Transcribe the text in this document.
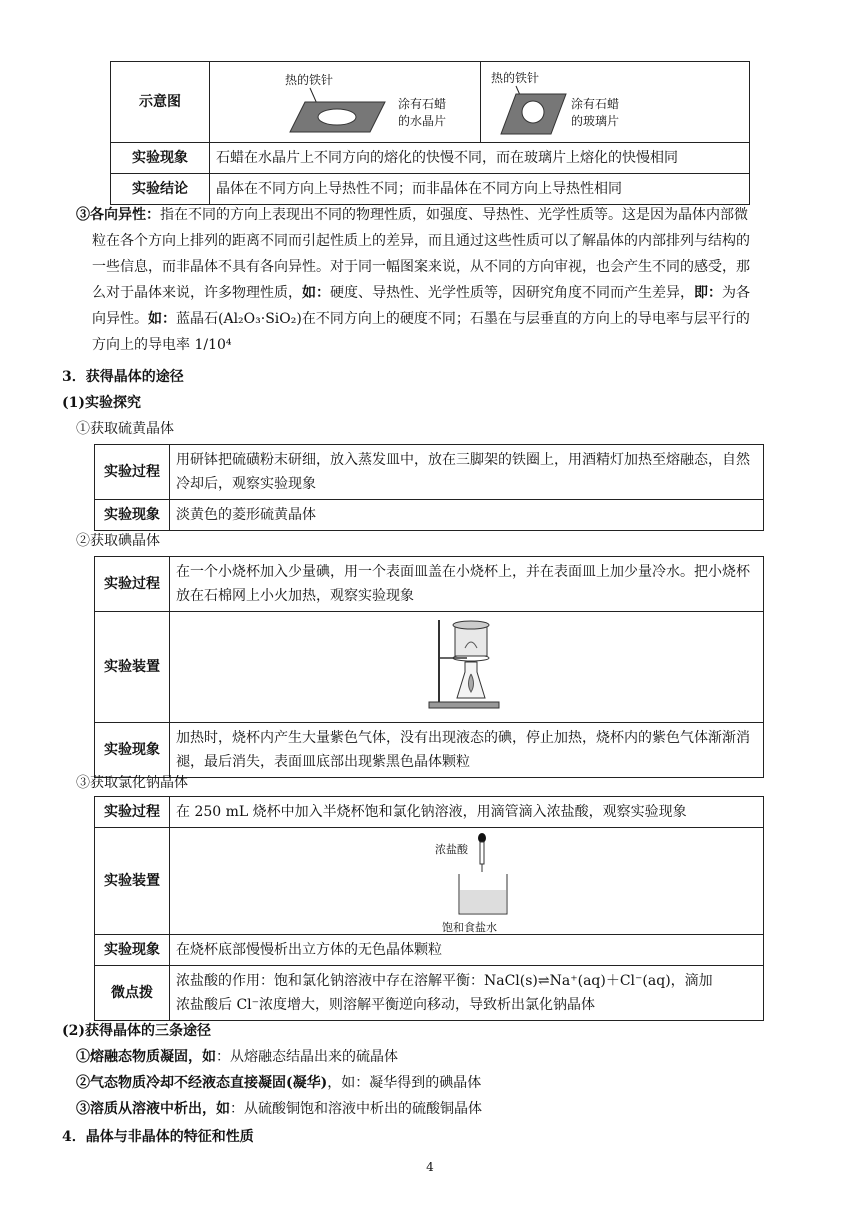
示意图	热的铁针
涂有石蜡
的水晶片	热的铁针
涂有石蜡
的玻璃片

实验现象	石蜡在水晶片上不同方向的熔化的快慢不同，而在玻璃片上熔化的快慢相同	
实验结论	晶体在不同方向上导热性不同；而非晶体在不同方向上导热性相同	
③各向异性：指在不同的方向上表现出不同的物理性质，如强度、导热性、光学性质等。这是因为晶体内部微
粒在各个方向上排列的距离不同而引起性质上的差异，而且通过这些性质可以了解晶体的内部排列与结构的
一些信息，而非晶体不具有各向异性。对于同一幅图案来说，从不同的方向审视，也会产生不同的感受，那
么对于晶体来说，许多物理性质，如：硬度、导热性、光学性质等，因研究角度不同而产生差异，即：为各
向异性。如：蓝晶石(Al₂O₃·SiO₂)在不同方向上的硬度不同；石墨在与层垂直的方向上的导电率与层平行的
方向上的导电率 1/10⁴
3．获得晶体的途径
(1)实验探究
①获取硫黄晶体
实验过程	用研钵把硫磺粉末研细，放入蒸发皿中，放在三脚架的铁圈上，用酒精灯加热至熔融态，自然冷却后，观察实验现象
实验现象	淡黄色的菱形硫黄晶体
②获取碘晶体
实验过程	在一个小烧杯加入少量碘，用一个表面皿盖在小烧杯上，并在表面皿上加少量冷水。把小烧杯放在石棉网上小火加热，观察实验现象
实验装置	
实验现象	加热时，烧杯内产生大量紫色气体，没有出现液态的碘，停止加热，烧杯内的紫色气体渐渐消褪，最后消失，表面皿底部出现紫黑色晶体颗粒
③获取氯化钠晶体
实验过程	在 250 mL 烧杯中加入半烧杯饱和氯化钠溶液，用滴管滴入浓盐酸，观察实验现象
实验装置	浓盐酸
饱和食盐水

实验现象	在烧杯底部慢慢析出立方体的无色晶体颗粒
微点拨	浓盐酸的作用：饱和氯化钠溶液中存在溶解平衡：NaCl(s)⇌Na⁺(aq)＋Cl⁻(aq)，滴加
浓盐酸后 Cl⁻浓度增大，则溶解平衡逆向移动，导致析出氯化钠晶体
(2)获得晶体的三条途径
①熔融态物质凝固，如：从熔融态结晶出来的硫晶体
②气态物质冷却不经液态直接凝固(凝华)，如：凝华得到的碘晶体
③溶质从溶液中析出，如：从硫酸铜饱和溶液中析出的硫酸铜晶体
4．晶体与非晶体的特征和性质
4
